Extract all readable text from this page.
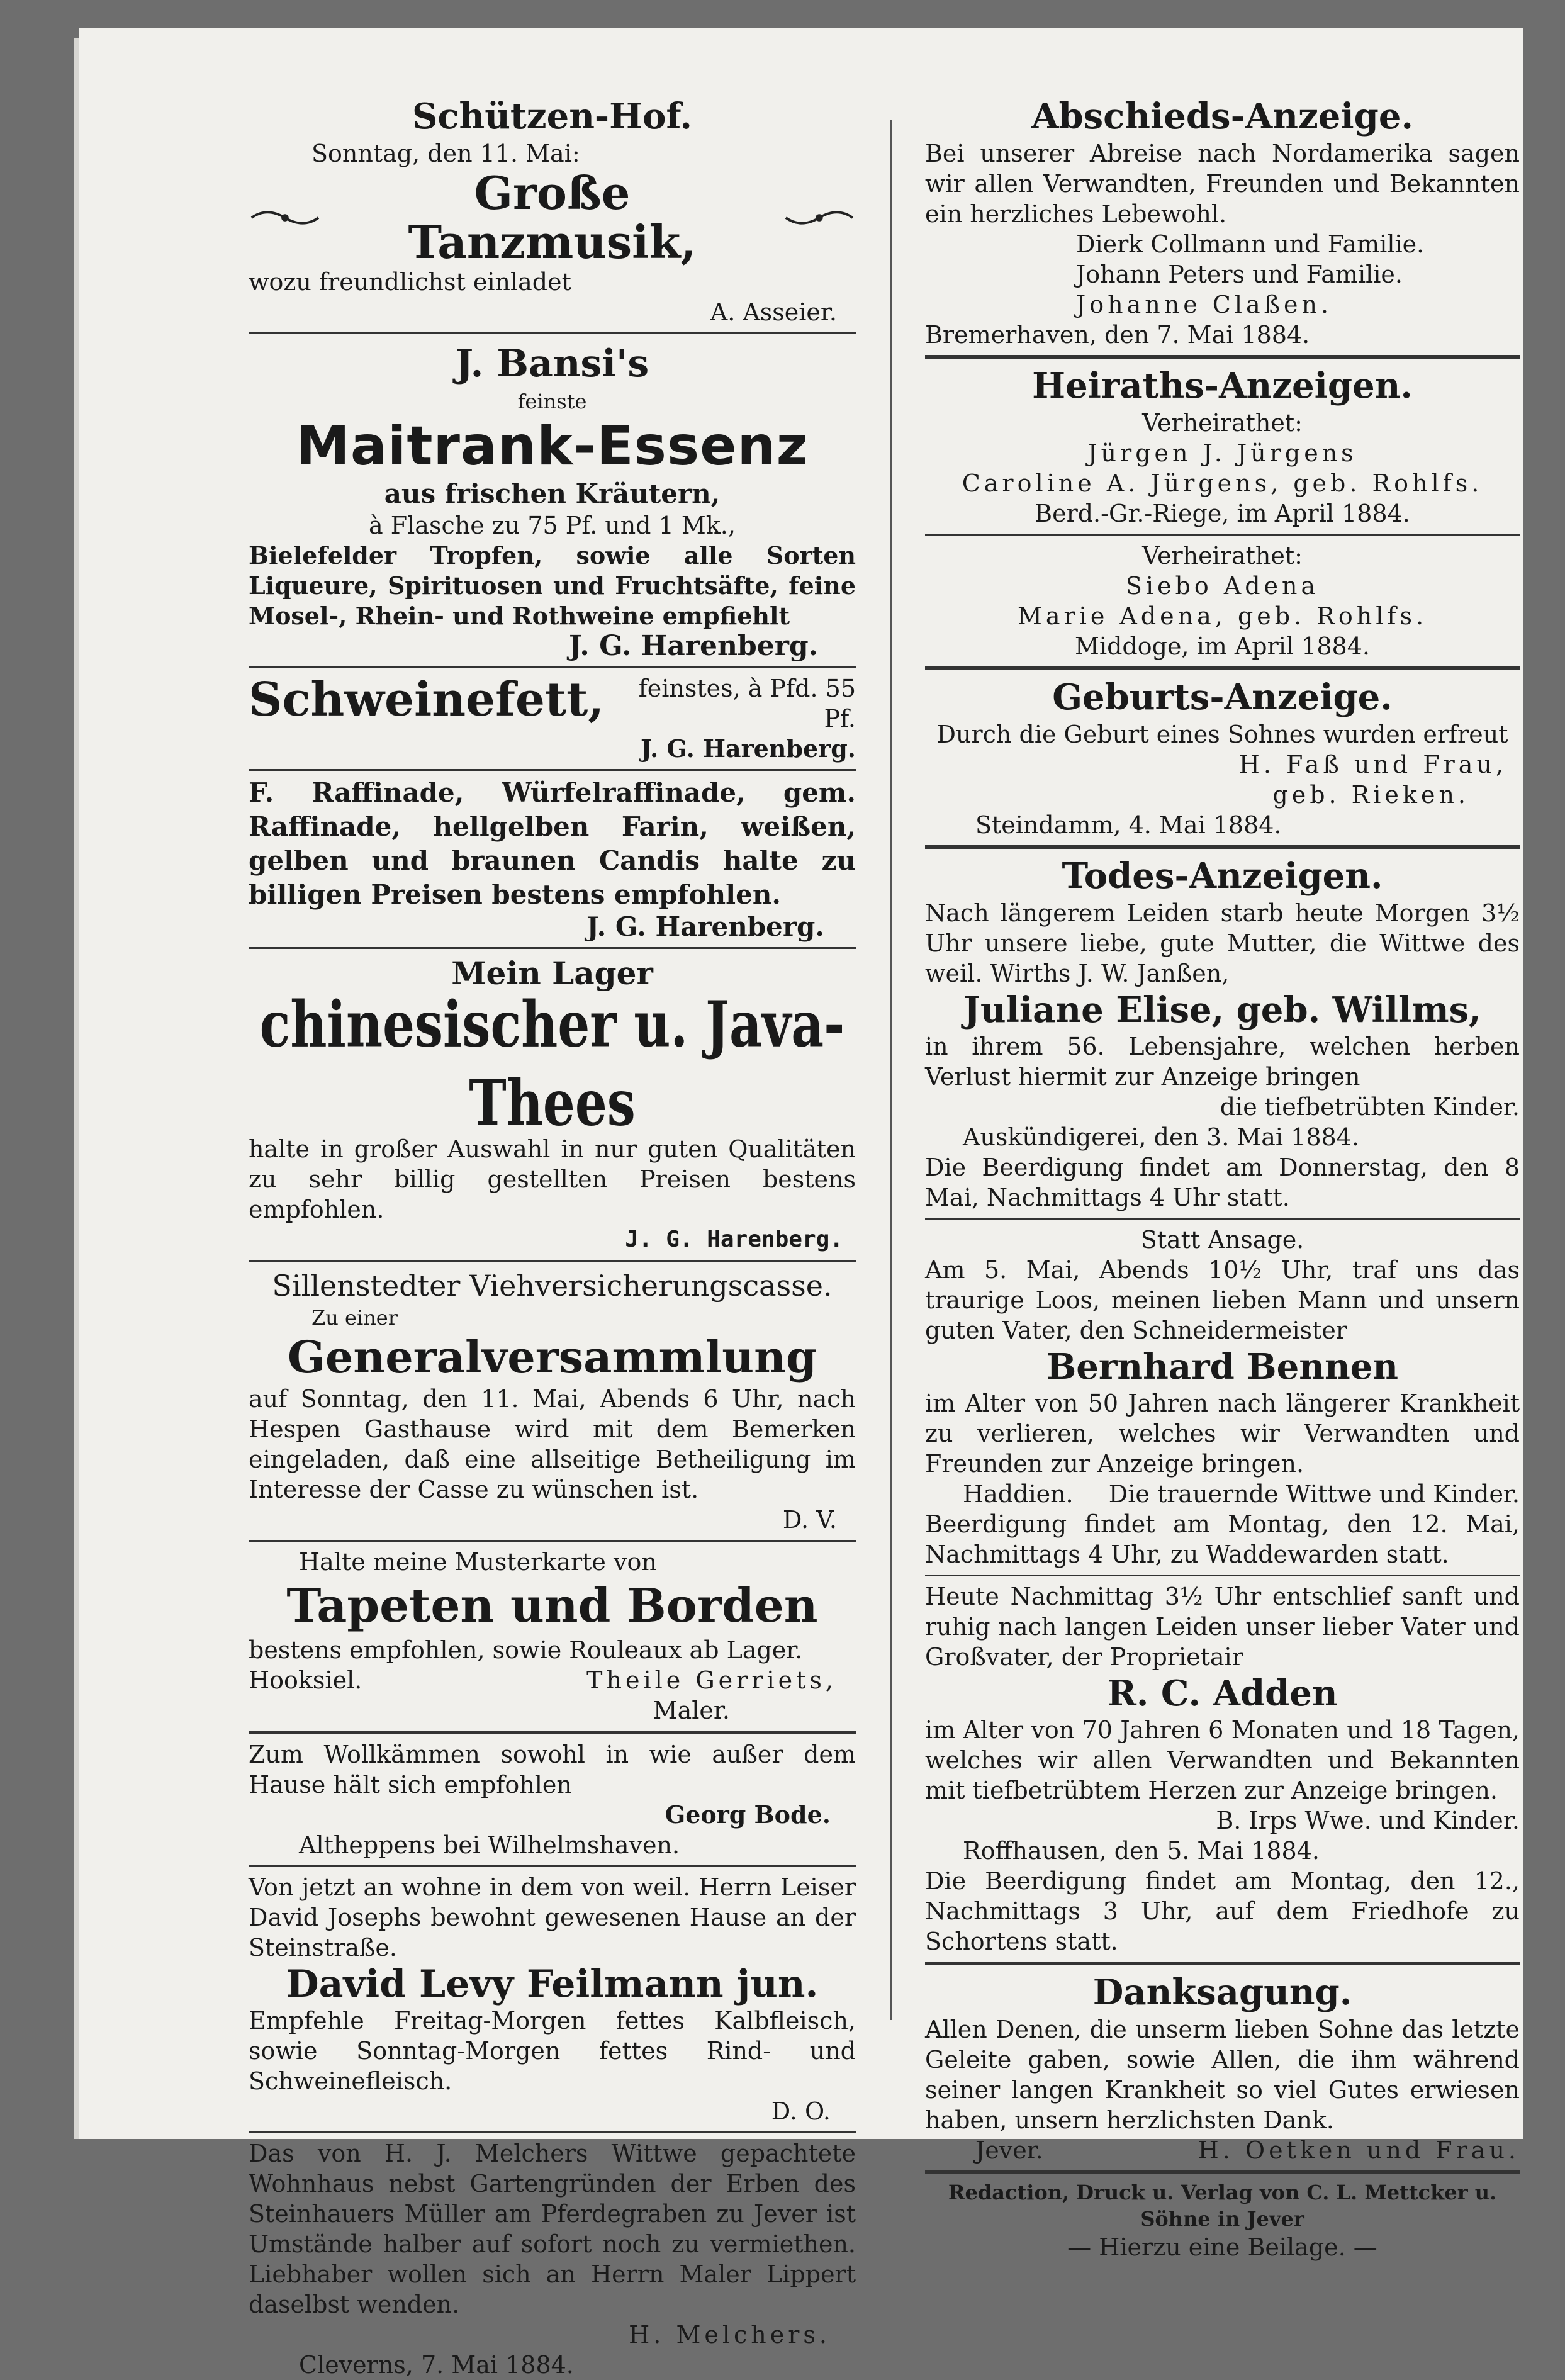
Schützen-Hof.
Sonntag, den 11. Mai:
Große Tanzmusik,
wozu freundlichst einladet
A. Asseier.
J. Bansi's
feinste
Maitrank-Essenz
aus frischen Kräutern,
à Flasche zu 75 Pf. und 1 Mk.,
Bielefelder Tropfen, sowie alle Sorten Liqueure, Spirituosen und Fruchtsäfte, feine Mosel-, Rhein- und Rothweine empfiehlt
J. G. Harenberg.
Schweinefett,	feinstes, à Pfd. 55 Pf.
J. G. Harenberg.
F. Raffinade, Würfelraffinade, gem. Raffinade, hellgelben Farin, weißen, gelben und braunen Candis halte zu billigen Preisen bestens empfohlen.
J. G. Harenberg.
Mein Lager
chinesischer u. Java-Thees
halte in großer Auswahl in nur guten Qualitäten zu sehr billig gestellten Preisen bestens empfohlen.
J. G. Harenberg.
Sillenstedter Viehversicherungscasse.
Zu einer
Generalversammlung
auf Sonntag, den 11. Mai, Abends 6 Uhr, nach Hespen Gasthause wird mit dem Bemerken eingeladen, daß eine allseitige Betheiligung im Interesse der Casse zu wünschen ist.
D. V.
Halte meine Musterkarte von
Tapeten und Borden
bestens empfohlen, sowie Rouleaux ab Lager.
Hooksiel.	Theile Gerriets,
Maler.
Zum Wollkämmen sowohl in wie außer dem Hause hält sich empfohlen
Georg Bode.
Altheppens bei Wilhelmshaven.
Von jetzt an wohne in dem von weil. Herrn Leiser David Josephs bewohnt gewesenen Hause an der Steinstraße.
David Levy Feilmann jun.
Empfehle Freitag-Morgen fettes Kalbfleisch, sowie Sonntag-Morgen fettes Rind- und Schweinefleisch.
D. O.
Das von H. J. Melchers Wittwe gepachtete Wohnhaus nebst Gartengründen der Erben des Steinhauers Müller am Pferdegraben zu Jever ist Umstände halber auf sofort noch zu vermiethen. Liebhaber wollen sich an Herrn Maler Lippert daselbst wenden.
H. Melchers.
Cleverns, 7. Mai 1884.
Abschieds-Anzeige.
Bei unserer Abreise nach Nordamerika sagen wir allen Verwandten, Freunden und Bekannten ein herzliches Lebewohl.
Dierk Collmann und Familie.
Johann Peters und Familie.
Johanne Claßen.
Bremerhaven, den 7. Mai 1884.
Heiraths-Anzeigen.
Verheirathet:
Jürgen J. Jürgens
Caroline A. Jürgens, geb. Rohlfs.
Berd.-Gr.-Riege, im April 1884.
Verheirathet:
Siebo Adena
Marie Adena, geb. Rohlfs.
Middoge, im April 1884.
Geburts-Anzeige.
Durch die Geburt eines Sohnes wurden erfreut
H. Faß und Frau,
geb. Rieken.
Steindamm, 4. Mai 1884.
Todes-Anzeigen.
Nach längerem Leiden starb heute Morgen 3½ Uhr unsere liebe, gute Mutter, die Wittwe des weil. Wirths J. W. Janßen,
Juliane Elise, geb. Willms,
in ihrem 56. Lebensjahre, welchen herben Verlust hiermit zur Anzeige bringen
die tiefbetrübten Kinder.
Auskündigerei, den 3. Mai 1884.
Die Beerdigung findet am Donnerstag, den 8 Mai, Nachmittags 4 Uhr statt.
Statt Ansage.
Am 5. Mai, Abends 10½ Uhr, traf uns das traurige Loos, meinen lieben Mann und unsern guten Vater, den Schneidermeister
Bernhard Bennen
im Alter von 50 Jahren nach längerer Krankheit zu verlieren, welches wir Verwandten und Freunden zur Anzeige bringen.
Haddien. Die trauernde Wittwe und Kinder.
Beerdigung findet am Montag, den 12. Mai, Nachmittags 4 Uhr, zu Waddewarden statt.
Heute Nachmittag 3½ Uhr entschlief sanft und ruhig nach langen Leiden unser lieber Vater und Großvater, der Proprietair
R. C. Adden
im Alter von 70 Jahren 6 Monaten und 18 Tagen, welches wir allen Verwandten und Bekannten mit tiefbetrübtem Herzen zur Anzeige bringen.
B. Irps Wwe. und Kinder.
Roffhausen, den 5. Mai 1884.
Die Beerdigung findet am Montag, den 12., Nachmittags 3 Uhr, auf dem Friedhofe zu Schortens statt.
Danksagung.
Allen Denen, die unserm lieben Sohne das letzte Geleite gaben, sowie Allen, die ihm während seiner langen Krankheit so viel Gutes erwiesen haben, unsern herzlichsten Dank.
Jever.	H. Oetken und Frau.
Redaction, Druck u. Verlag von C. L. Mettcker u. Söhne in Jever
— Hierzu eine Beilage. —
